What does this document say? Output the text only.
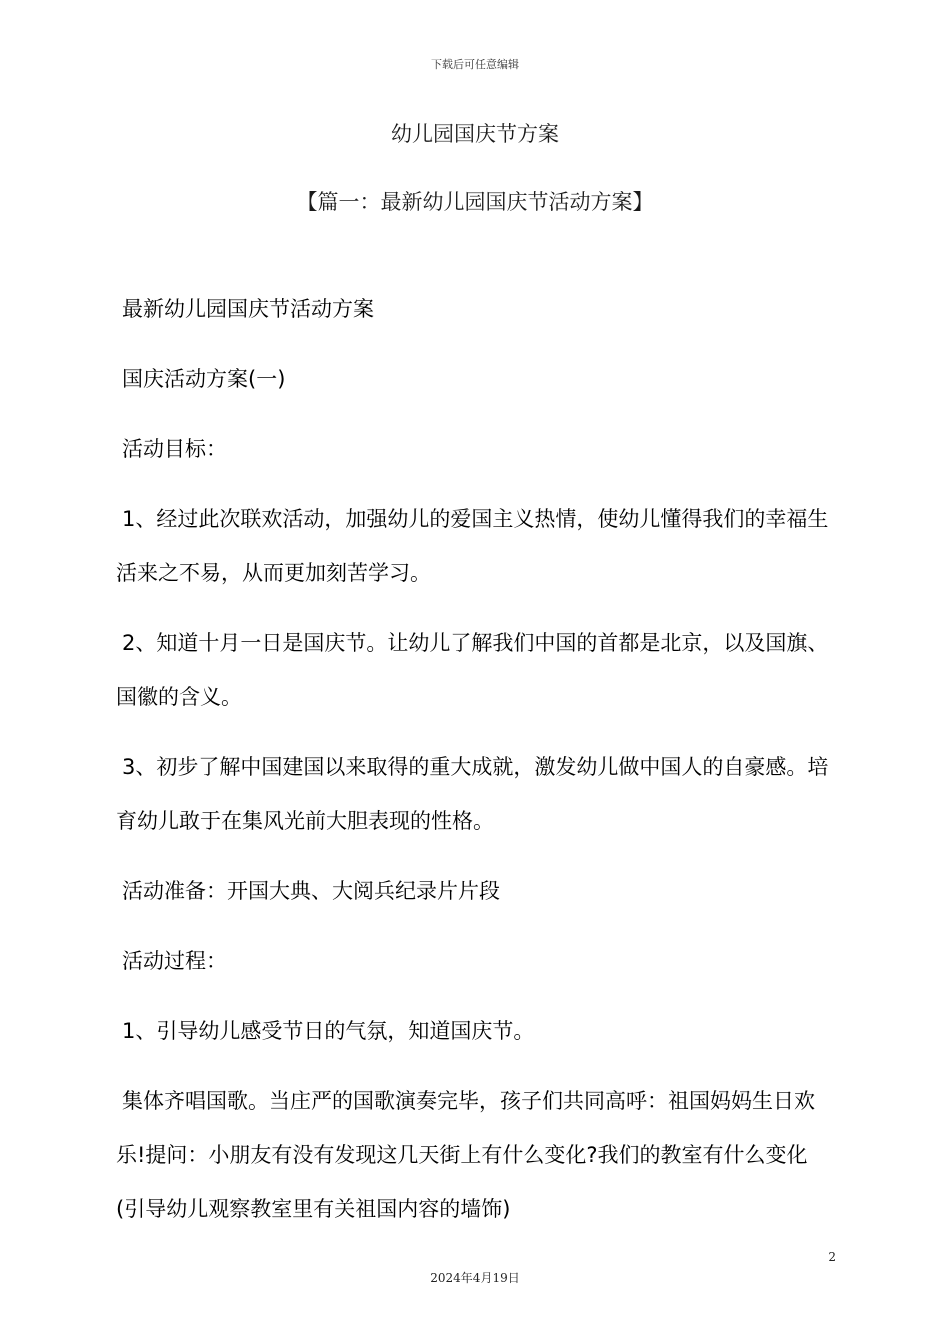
下载后可任意编辑
幼儿园国庆节方案
【篇一：最新幼儿园国庆节活动方案】

最新幼儿园国庆节活动方案

国庆活动方案(一)

活动目标：

1、经过此次联欢活动，加强幼儿的爱国主义热情，使幼儿懂得我们的幸福生活来之不易，从而更加刻苦学习。

2、知道十月一日是国庆节。让幼儿了解我们中国的首都是北京，以及国旗、国徽的含义。

3、初步了解中国建国以来取得的重大成就，激发幼儿做中国人的自豪感。培育幼儿敢于在集风光前大胆表现的性格。

活动准备：开国大典、大阅兵纪录片片段

活动过程：

1、引导幼儿感受节日的气氛，知道国庆节。

集体齐唱国歌。当庄严的国歌演奏完毕，孩子们共同高呼：祖国妈妈生日欢乐!提问：小朋友有没有发现这几天街上有什么变化?我们的教室有什么变化(引导幼儿观察教室里有关祖国内容的墙饰)

2
2024年4月19日
